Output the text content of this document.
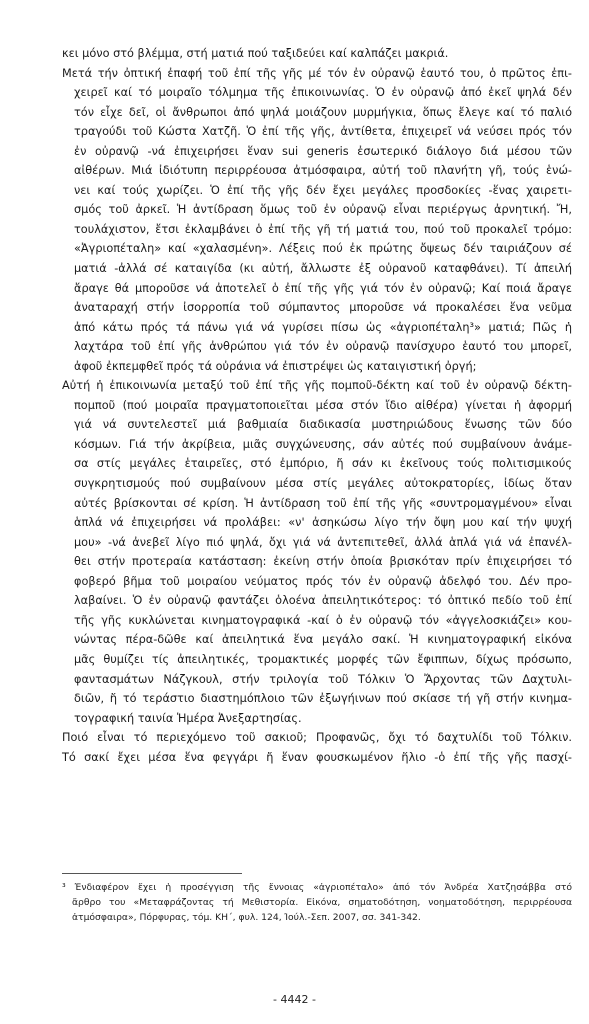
κει μόνο στό βλέμμα, στή ματιά πού ταξιδεύει καί καλπάζει μακριά.

Μετά τήν ὀπτική ἐπαφή τοῦ ἐπί τῆς γῆς μέ τόν ἐν οὐρανῷ ἑαυτό του, ὁ πρῶτος ἐπι-
χειρεῖ καί τό μοιραῖο τόλμημα τῆς ἐπικοινωνίας. Ὁ ἐν οὐρανῷ ἀπό ἐκεῖ ψηλά δέν
τόν εἶχε δεῖ, οἱ ἄνθρωποι ἀπό ψηλά μοιάζουν μυρμήγκια, ὅπως ἔλεγε καί τό παλιό
τραγούδι τοῦ Κώστα Χατζῆ. Ὁ ἐπί τῆς γῆς, ἀντίθετα, ἐπιχειρεῖ νά νεύσει πρός τόν
ἐν οὐρανῷ -νά ἐπιχειρήσει ἕναν sui generis ἐσωτερικό διάλογο διά μέσου τῶν
αἰθέρων. Μιά ἰδιότυπη περιρρέουσα ἀτμόσφαιρα, αὐτή τοῦ πλανήτη γῆ, τούς ἑνώ-
νει καί τούς χωρίζει. Ὁ ἐπί τῆς γῆς δέν ἔχει μεγάλες προσδοκίες -ἕνας χαιρετι-
σμός τοῦ ἀρκεῖ. Ἡ ἀντίδραση ὅμως τοῦ ἐν οὐρανῷ εἶναι περιέργως ἀρνητική. Ἤ,
τουλάχιστον, ἔτσι ἐκλαμβάνει ὁ ἐπί τῆς γῆ τή ματιά του, πού τοῦ προκαλεῖ τρόμο:
«Ἀγριοπέταλη» καί «χαλασμένη». Λέξεις πού ἐκ πρώτης ὄψεως δέν ταιριάζουν σέ
ματιά -ἀλλά σέ καταιγίδα (κι αὐτή, ἄλλωστε ἐξ οὐρανοῦ καταφθάνει). Τί ἀπειλή
ἄραγε θά μποροῦσε νά ἀποτελεῖ ὁ ἐπί τῆς γῆς γιά τόν ἐν οὐρανῷ; Καί ποιά ἄραγε
ἀναταραχή στήν ἰσορροπία τοῦ σύμπαντος μποροῦσε νά προκαλέσει ἕνα νεῦμα
ἀπό κάτω πρός τά πάνω γιά νά γυρίσει πίσω ὡς «ἀγριοπέταλη³» ματιά; Πῶς ἡ
λαχτάρα τοῦ ἐπί γῆς ἀνθρώπου γιά τόν ἐν οὐρανῷ πανίσχυρο ἑαυτό του μπορεῖ,
ἀφοῦ ἐκπεμφθεῖ πρός τά οὐράνια νά ἐπιστρέψει ὡς καταιγιστική ὀργή;

Αὐτή ἡ ἐπικοινωνία μεταξύ τοῦ ἐπί τῆς γῆς πομποῦ-δέκτη καί τοῦ ἐν οὐρανῷ δέκτη-
πομποῦ (πού μοιραῖα πραγματοποιεῖται μέσα στόν ἴδιο αἰθέρα) γίνεται ἡ ἀφορμή
γιά νά συντελεστεῖ μιά βαθμιαία διαδικασία μυστηριώδους ἕνωσης τῶν δύο
κόσμων. Γιά τήν ἀκρίβεια, μιᾶς συγχώνευσης, σάν αὐτές πού συμβαίνουν ἀνάμε-
σα στίς μεγάλες ἑταιρεῖες, στό ἐμπόριο, ἤ σάν κι ἐκεῖνους τούς πολιτισμικούς
συγκρητισμούς πού συμβαίνουν μέσα στίς μεγάλες αὐτοκρατορίες, ἰδίως ὅταν
αὐτές βρίσκονται σέ κρίση. Ἡ ἀντίδραση τοῦ ἐπί τῆς γῆς «συντρομαγμένου» εἶναι
ἁπλά νά ἐπιχειρήσει νά προλάβει: «ν' ἀσηκώσω λίγο τήν ὄψη μου καί τήν ψυχή
μου» -νά ἀνεβεῖ λίγο πιό ψηλά, ὄχι γιά νά ἀντεπιτεθεῖ, ἀλλά ἁπλά γιά νά ἐπανέλ-
θει στήν προτεραία κατάσταση: ἐκείνη στήν ὁποία βρισκόταν πρίν ἐπιχειρήσει τό
φοβερό βῆμα τοῦ μοιραίου νεύματος πρός τόν ἐν οὐρανῷ ἀδελφό του. Δέν προ-
λαβαίνει. Ὁ ἐν οὐρανῷ φαντάζει ὁλοένα ἀπειλητικότερος: τό ὀπτικό πεδίο τοῦ ἐπί
τῆς γῆς κυκλώνεται κινηματογραφικά -καί ὁ ἐν οὐρανῷ τόν «ἀγγελοσκιάζει» κου-
νώντας πέρα-δῶθε καί ἀπειλητικά ἕνα μεγάλο σακί. Ἡ κινηματογραφική εἰκόνα
μᾶς θυμίζει τίς ἀπειλητικές, τρομακτικές μορφές τῶν ἔφιππων, δίχως πρόσωπο,
φαντασμάτων Νάζγκουλ, στήν τριλογία τοῦ Τόλκιν Ὁ Ἄρχοντας τῶν Δαχτυλι-
διῶν, ἤ τό τεράστιο διαστημόπλοιο τῶν ἐξωγήινων πού σκίασε τή γῆ στήν κινημα-
τογραφική ταινία Ἡμέρα Ἀνεξαρτησίας.

Ποιό εἶναι τό περιεχόμενο τοῦ σακιοῦ; Προφανῶς, ὄχι τό δαχτυλίδι τοῦ Τόλκιν.
Τό σακί ἔχει μέσα ἕνα φεγγάρι ἤ ἕναν φουσκωμένον ἥλιο -ὁ ἐπί τῆς γῆς πασχί-

³ Ἐνδιαφέρον ἔχει ἡ προσέγγιση τῆς ἔννοιας «ἀγριοπέταλο» ἀπό τόν Ἀνδρέα Χατζησάββα στό
ἄρθρο του «Μεταφράζοντας τή Μεθιστορία. Εἰκόνα, σηματοδότηση, νοηματοδότηση, περιρρέουσα
ἀτμόσφαιρα», Πόρφυρας, τόμ. ΚΗ΄, φυλ. 124, Ἰούλ.-Σεπ. 2007, σσ. 341-342.
- 4442 -
